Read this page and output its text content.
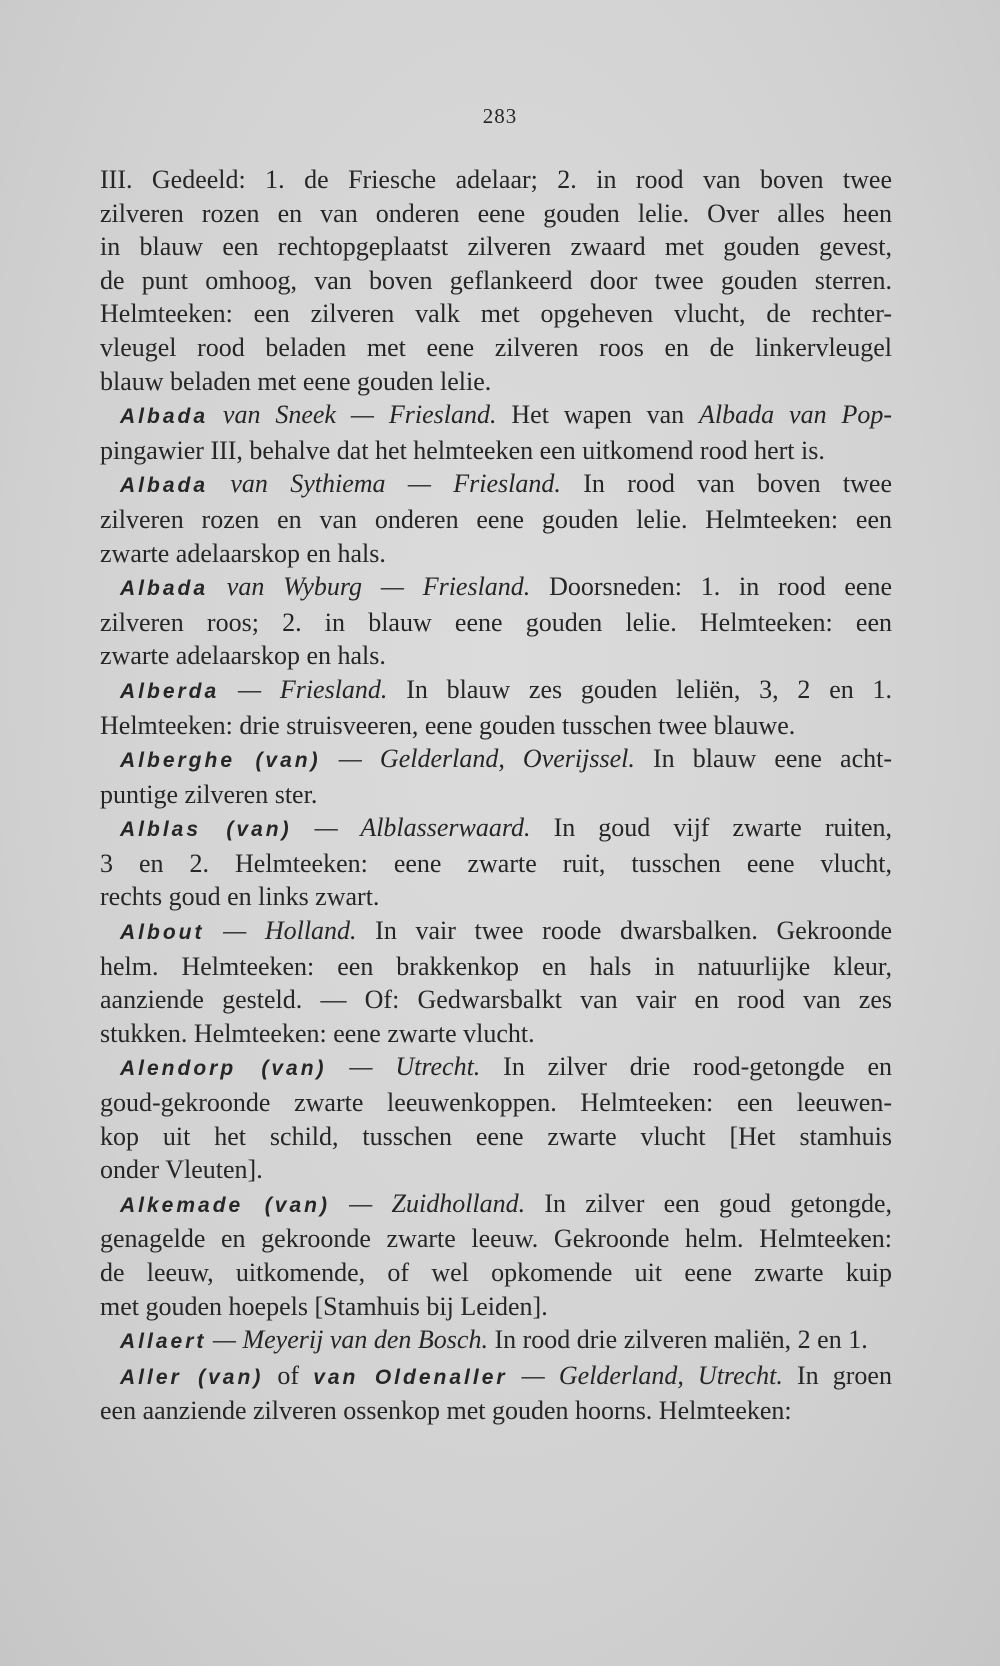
283
III. Gedeeld: 1. de Friesche adelaar; 2. in rood van boven twee
zilveren rozen en van onderen eene gouden lelie. Over alles heen
in blauw een rechtopgeplaatst zilveren zwaard met gouden gevest,
de punt omhoog, van boven geflankeerd door twee gouden sterren.
Helmteeken: een zilveren valk met opgeheven vlucht, de rechter-
vleugel rood beladen met eene zilveren roos en de linkervleugel
blauw beladen met eene gouden lelie.
Albada van Sneek — Friesland. Het wapen van Albada van Pop-
pingawier III, behalve dat het helmteeken een uitkomend rood hert is.
Albada van Sythiema — Friesland. In rood van boven twee
zilveren rozen en van onderen eene gouden lelie. Helmteeken: een
zwarte adelaarskop en hals.
Albada van Wyburg — Friesland. Doorsneden: 1. in rood eene
zilveren roos; 2. in blauw eene gouden lelie. Helmteeken: een
zwarte adelaarskop en hals.
Alberda — Friesland. In blauw zes gouden leliën, 3, 2 en 1.
Helmteeken: drie struisveeren, eene gouden tusschen twee blauwe.
Alberghe (van) — Gelderland, Overijssel. In blauw eene acht-
puntige zilveren ster.
Alblas (van) — Alblasserwaard. In goud vijf zwarte ruiten,
3 en 2. Helmteeken: eene zwarte ruit, tusschen eene vlucht,
rechts goud en links zwart.
Albout — Holland. In vair twee roode dwarsbalken. Gekroonde
helm. Helmteeken: een brakkenkop en hals in natuurlijke kleur,
aanziende gesteld. — Of: Gedwarsbalkt van vair en rood van zes
stukken. Helmteeken: eene zwarte vlucht.
Alendorp (van) — Utrecht. In zilver drie rood-getongde en
goud-gekroonde zwarte leeuwenkoppen. Helmteeken: een leeuwen-
kop uit het schild, tusschen eene zwarte vlucht [Het stamhuis
onder Vleuten].
Alkemade (van) — Zuidholland. In zilver een goud getongde,
genagelde en gekroonde zwarte leeuw. Gekroonde helm. Helmteeken:
de leeuw, uitkomende, of wel opkomende uit eene zwarte kuip
met gouden hoepels [Stamhuis bij Leiden].
Allaert — Meyerij van den Bosch. In rood drie zilveren maliën, 2 en 1.
Aller (van) of van Oldenaller — Gelderland, Utrecht. In groen
een aanziende zilveren ossenkop met gouden hoorns. Helmteeken:
